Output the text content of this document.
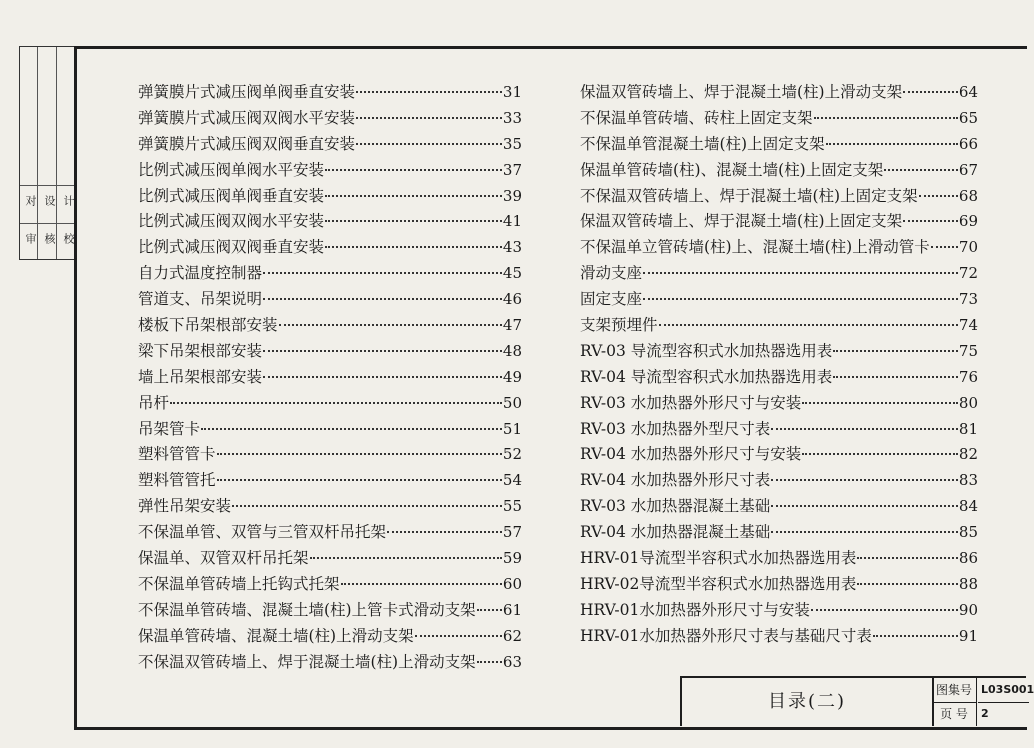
审 核 校
对 设 计
弹簧膜片式减压阀单阀垂直安装	31
弹簧膜片式减压阀双阀水平安装	33
弹簧膜片式减压阀双阀垂直安装	35
比例式减压阀单阀水平安装	37
比例式减压阀单阀垂直安装	39
比例式减压阀双阀水平安装	41
比例式减压阀双阀垂直安装	43
自力式温度控制器	45
管道支、吊架说明	46
楼板下吊架根部安装	47
梁下吊架根部安装	48
墙上吊架根部安装	49
吊杆	50
吊架管卡	51
塑料管管卡	52
塑料管管托	54
弹性吊架安装	55
不保温单管、双管与三管双杆吊托架	57
保温单、双管双杆吊托架	59
不保温单管砖墙上托钩式托架	60
不保温单管砖墙、混凝土墙(柱)上管卡式滑动支架 61
保温单管砖墙、混凝土墙(柱)上滑动支架	62
不保温双管砖墙上、焊于混凝土墙(柱)上滑动支架 63
保温双管砖墙上、焊于混凝土墙(柱)上滑动支架	64
不保温单管砖墙、砖柱上固定支架	65
不保温单管混凝土墙(柱)上固定支架	66
保温单管砖墙(柱)、混凝土墙(柱)上固定支架	67
不保温双管砖墙上、焊于混凝土墙(柱)上固定支架	68
保温双管砖墙上、焊于混凝土墙(柱)上固定支架	69
不保温单立管砖墙(柱)上、混凝土墙(柱)上滑动管卡 70
滑动支座	72
固定支座	73
支架预埋件	74
RV-03 导流型容积式水加热器选用表	75
RV-04 导流型容积式水加热器选用表	76
RV-03 水加热器外形尺寸与安装	80
RV-03 水加热器外型尺寸表	81
RV-04 水加热器外形尺寸与安装	82
RV-04 水加热器外形尺寸表	83
RV-03 水加热器混凝土基础	84
RV-04 水加热器混凝土基础	85
HRV-01导流型半容积式水加热器选用表	86
HRV-02导流型半容积式水加热器选用表	88
HRV-01水加热器外形尺寸与安装	90
HRV-01水加热器外形尺寸表与基础尺寸表	91
目录(二)
图集号 L03S001
页 号	2
